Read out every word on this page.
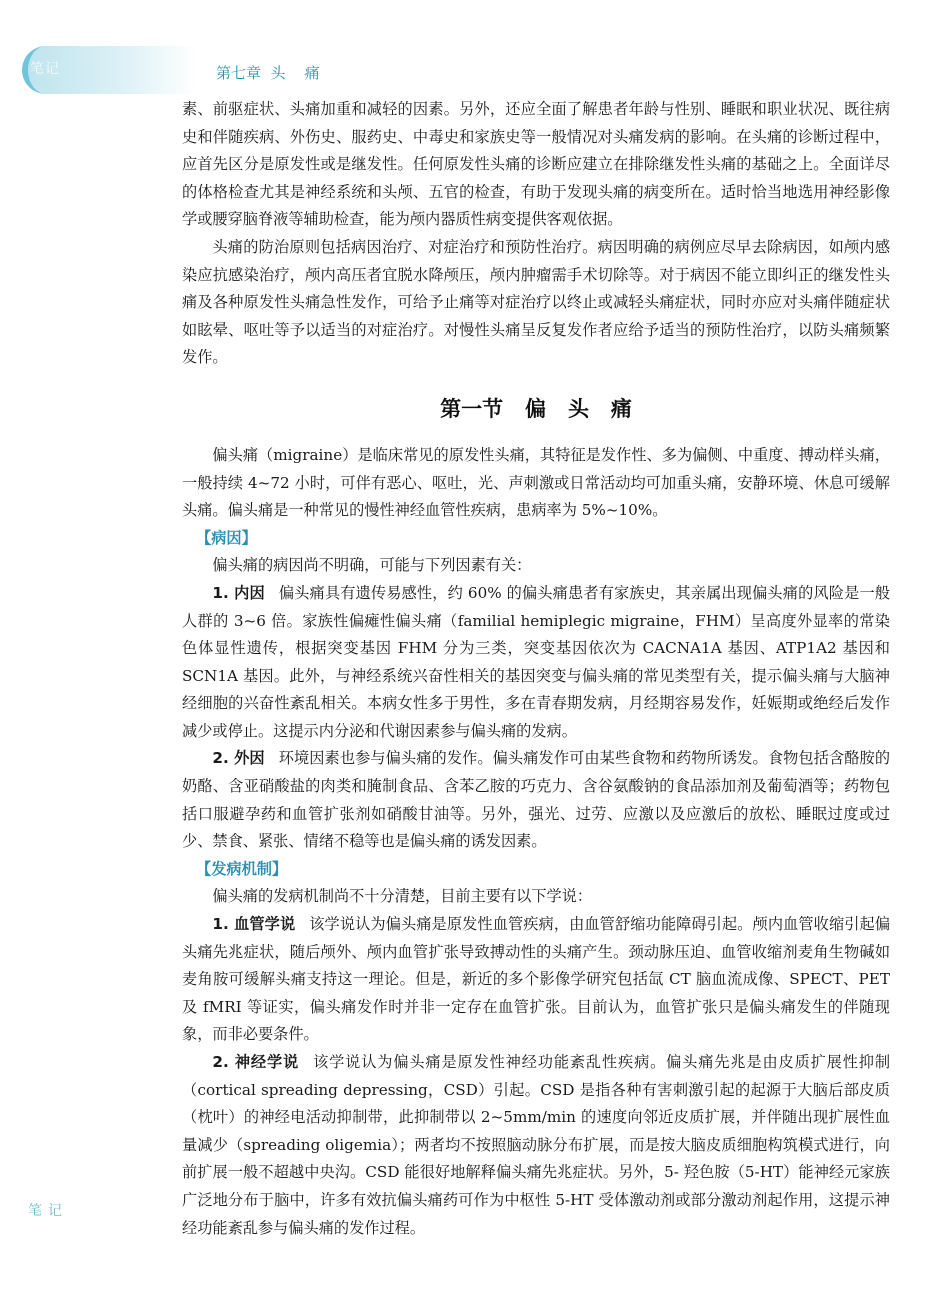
笔记	第七章  头    痛

素、前驱症状、头痛加重和减轻的因素。另外，还应全面了解患者年龄与性别、睡眠和职业状况、既往病史和伴随疾病、外伤史、服药史、中毒史和家族史等一般情况对头痛发病的影响。在头痛的诊断过程中，应首先区分是原发性或是继发性。任何原发性头痛的诊断应建立在排除继发性头痛的基础之上。全面详尽的体格检查尤其是神经系统和头颅、五官的检查，有助于发现头痛的病变所在。适时恰当地选用神经影像学或腰穿脑脊液等辅助检查，能为颅内器质性病变提供客观依据。

头痛的防治原则包括病因治疗、对症治疗和预防性治疗。病因明确的病例应尽早去除病因，如颅内感染应抗感染治疗，颅内高压者宜脱水降颅压，颅内肿瘤需手术切除等。对于病因不能立即纠正的继发性头痛及各种原发性头痛急性发作，可给予止痛等对症治疗以终止或减轻头痛症状，同时亦应对头痛伴随症状如眩晕、呕吐等予以适当的对症治疗。对慢性头痛呈反复发作者应给予适当的预防性治疗，以防头痛频繁发作。

第一节   偏   头   痛

偏头痛（migraine）是临床常见的原发性头痛，其特征是发作性、多为偏侧、中重度、搏动样头痛，一般持续 4~72 小时，可伴有恶心、呕吐，光、声刺激或日常活动均可加重头痛，安静环境、休息可缓解头痛。偏头痛是一种常见的慢性神经血管性疾病，患病率为 5%~10%。

【病因】

偏头痛的病因尚不明确，可能与下列因素有关：

1. 内因 偏头痛具有遗传易感性，约 60% 的偏头痛患者有家族史，其亲属出现偏头痛的风险是一般人群的 3~6 倍。家族性偏瘫性偏头痛（familial hemiplegic migraine，FHM）呈高度外显率的常染色体显性遗传，根据突变基因 FHM 分为三类，突变基因依次为 CACNA1A 基因、ATP1A2 基因和 SCN1A 基因。此外，与神经系统兴奋性相关的基因突变与偏头痛的常见类型有关，提示偏头痛与大脑神经细胞的兴奋性紊乱相关。本病女性多于男性，多在青春期发病，月经期容易发作，妊娠期或绝经后发作减少或停止。这提示内分泌和代谢因素参与偏头痛的发病。

2. 外因 环境因素也参与偏头痛的发作。偏头痛发作可由某些食物和药物所诱发。食物包括含酪胺的奶酪、含亚硝酸盐的肉类和腌制食品、含苯乙胺的巧克力、含谷氨酸钠的食品添加剂及葡萄酒等；药物包括口服避孕药和血管扩张剂如硝酸甘油等。另外，强光、过劳、应激以及应激后的放松、睡眠过度或过少、禁食、紧张、情绪不稳等也是偏头痛的诱发因素。

【发病机制】

偏头痛的发病机制尚不十分清楚，目前主要有以下学说：

1. 血管学说 该学说认为偏头痛是原发性血管疾病，由血管舒缩功能障碍引起。颅内血管收缩引起偏头痛先兆症状，随后颅外、颅内血管扩张导致搏动性的头痛产生。颈动脉压迫、血管收缩剂麦角生物碱如麦角胺可缓解头痛支持这一理论。但是，新近的多个影像学研究包括氙 CT 脑血流成像、SPECT、PET 及 fMRI 等证实，偏头痛发作时并非一定存在血管扩张。目前认为，血管扩张只是偏头痛发生的伴随现象，而非必要条件。

2. 神经学说 该学说认为偏头痛是原发性神经功能紊乱性疾病。偏头痛先兆是由皮质扩展性抑制（cortical spreading depressing，CSD）引起。CSD 是指各种有害刺激引起的起源于大脑后部皮质（枕叶）的神经电活动抑制带，此抑制带以 2~5mm/min 的速度向邻近皮质扩展，并伴随出现扩展性血量减少（spreading oligemia）；两者均不按照脑动脉分布扩展，而是按大脑皮质细胞构筑模式进行，向前扩展一般不超越中央沟。CSD 能很好地解释偏头痛先兆症状。另外，5- 羟色胺（5-HT）能神经元家族广泛地分布于脑中，许多有效抗偏头痛药可作为中枢性 5-HT 受体激动剂或部分激动剂起作用，这提示神经功能紊乱参与偏头痛的发作过程。

笔记
